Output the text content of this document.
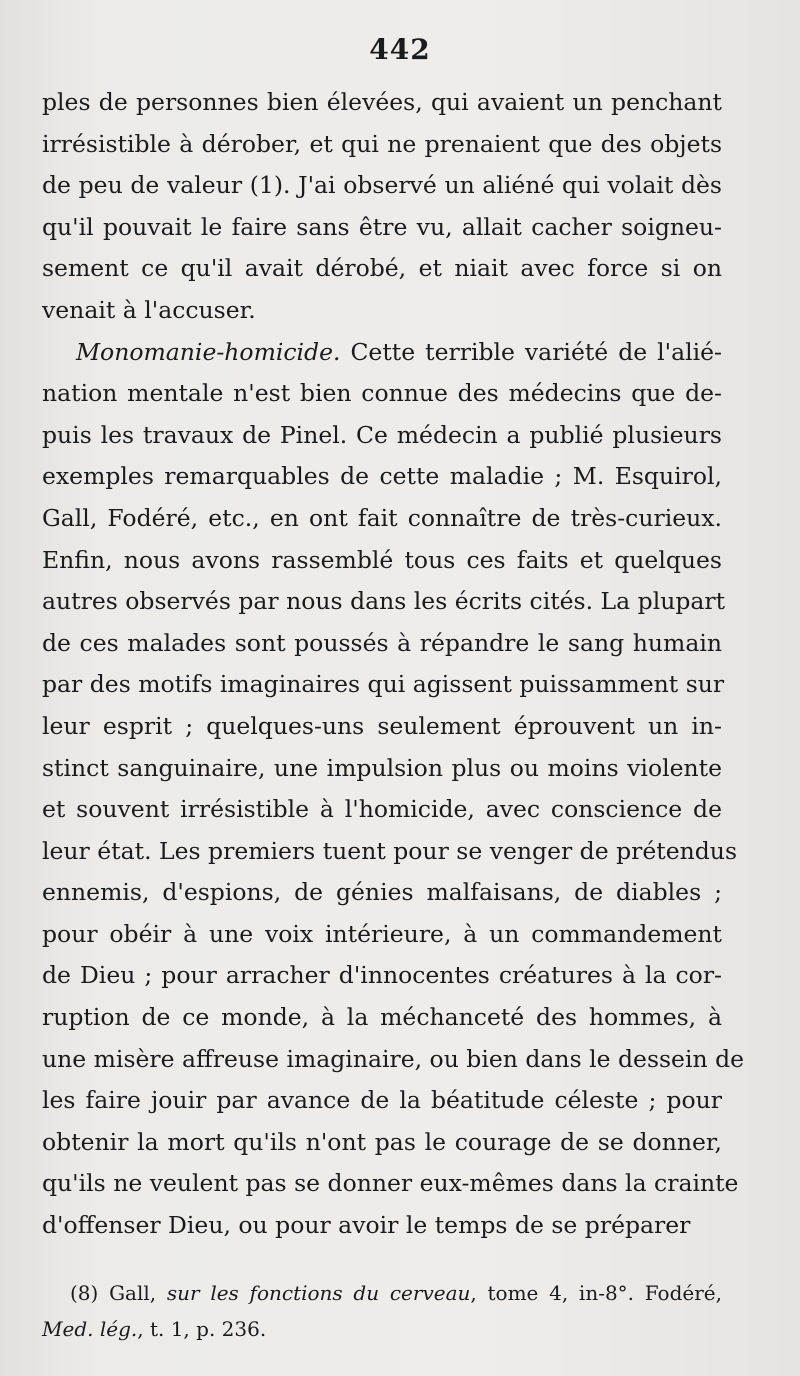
442
ples de personnes bien élevées, qui avaient un penchant
irrésistible à dérober, et qui ne prenaient que des objets
de peu de valeur (1). J'ai observé un aliéné qui volait dès
qu'il pouvait le faire sans être vu, allait cacher soigneu-
sement ce qu'il avait dérobé, et niait avec force si on
venait à l'accuser.
Monomanie-homicide. Cette terrible variété de l'alié-
nation mentale n'est bien connue des médecins que de-
puis les travaux de Pinel. Ce médecin a publié plusieurs
exemples remarquables de cette maladie ; M. Esquirol,
Gall, Fodéré, etc., en ont fait connaître de très-curieux.
Enfin, nous avons rassemblé tous ces faits et quelques
autres observés par nous dans les écrits cités. La plupart
de ces malades sont poussés à répandre le sang humain
par des motifs imaginaires qui agissent puissamment sur
leur esprit ; quelques-uns seulement éprouvent un in-
stinct sanguinaire, une impulsion plus ou moins violente
et souvent irrésistible à l'homicide, avec conscience de
leur état. Les premiers tuent pour se venger de prétendus
ennemis, d'espions, de génies malfaisans, de diables ;
pour obéir à une voix intérieure, à un commandement
de Dieu ; pour arracher d'innocentes créatures à la cor-
ruption de ce monde, à la méchanceté des hommes, à
une misère affreuse imaginaire, ou bien dans le dessein de
les faire jouir par avance de la béatitude céleste ; pour
obtenir la mort qu'ils n'ont pas le courage de se donner,
qu'ils ne veulent pas se donner eux-mêmes dans la crainte
d'offenser Dieu, ou pour avoir le temps de se préparer
(8) Gall, sur les fonctions du cerveau, tome 4, in-8°. Fodéré,
Med. lég., t. 1, p. 236.
